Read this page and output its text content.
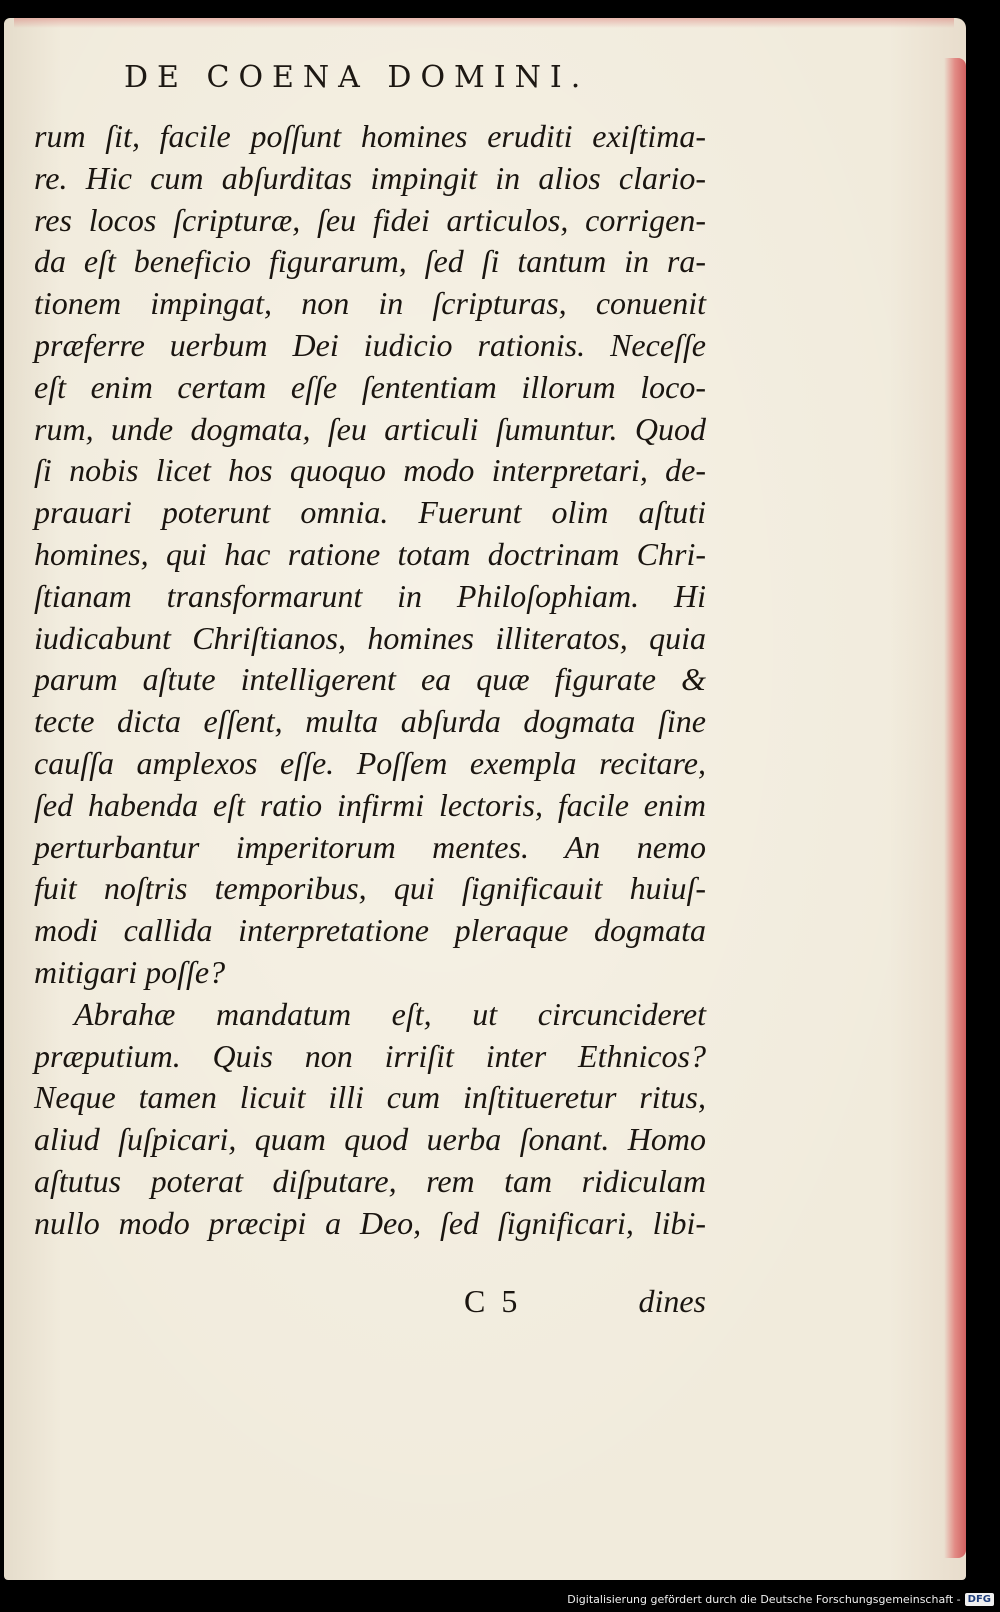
DE COENA DOMINI.
rum ſit, facile poſſunt homines eruditi exiſtima-
re. Hic cum abſurditas impingit in alios clario-
res locos ſcripturæ, ſeu fidei articulos, corrigen-
da eſt beneficio figurarum, ſed ſi tantum in ra-
tionem impingat, non in ſcripturas, conuenit
præferre uerbum Dei iudicio rationis. Neceſſe
eſt enim certam eſſe ſententiam illorum loco-
rum, unde dogmata, ſeu articuli ſumuntur. Quod
ſi nobis licet hos quoquo modo interpretari, de-
prauari poterunt omnia. Fuerunt olim aſtuti
homines, qui hac ratione totam doctrinam Chri-
ſtianam transformarunt in Philoſophiam. Hi
iudicabunt Chriſtianos, homines illiteratos, quia
parum aſtute intelligerent ea quæ figurate &
tecte dicta eſſent, multa abſurda dogmata ſine
cauſſa amplexos eſſe. Poſſem exempla recitare,
ſed habenda eſt ratio infirmi lectoris, facile enim
perturbantur imperitorum mentes. An nemo
fuit noſtris temporibus, qui ſignificauit huiuſ-
modi callida interpretatione pleraque dogmata
mitigari poſſe?
Abrahæ mandatum eſt, ut circuncideret
præputium. Quis non irriſit inter Ethnicos?
Neque tamen licuit illi cum inſtitueretur ritus,
aliud ſuſpicari, quam quod uerba ſonant. Homo
aſtutus poterat diſputare, rem tam ridiculam
nullo modo præcipi a Deo, ſed ſignificari, libi-
C 5	dines
Digitalisierung gefördert durch die Deutsche Forschungsgemeinschaft - DFG
